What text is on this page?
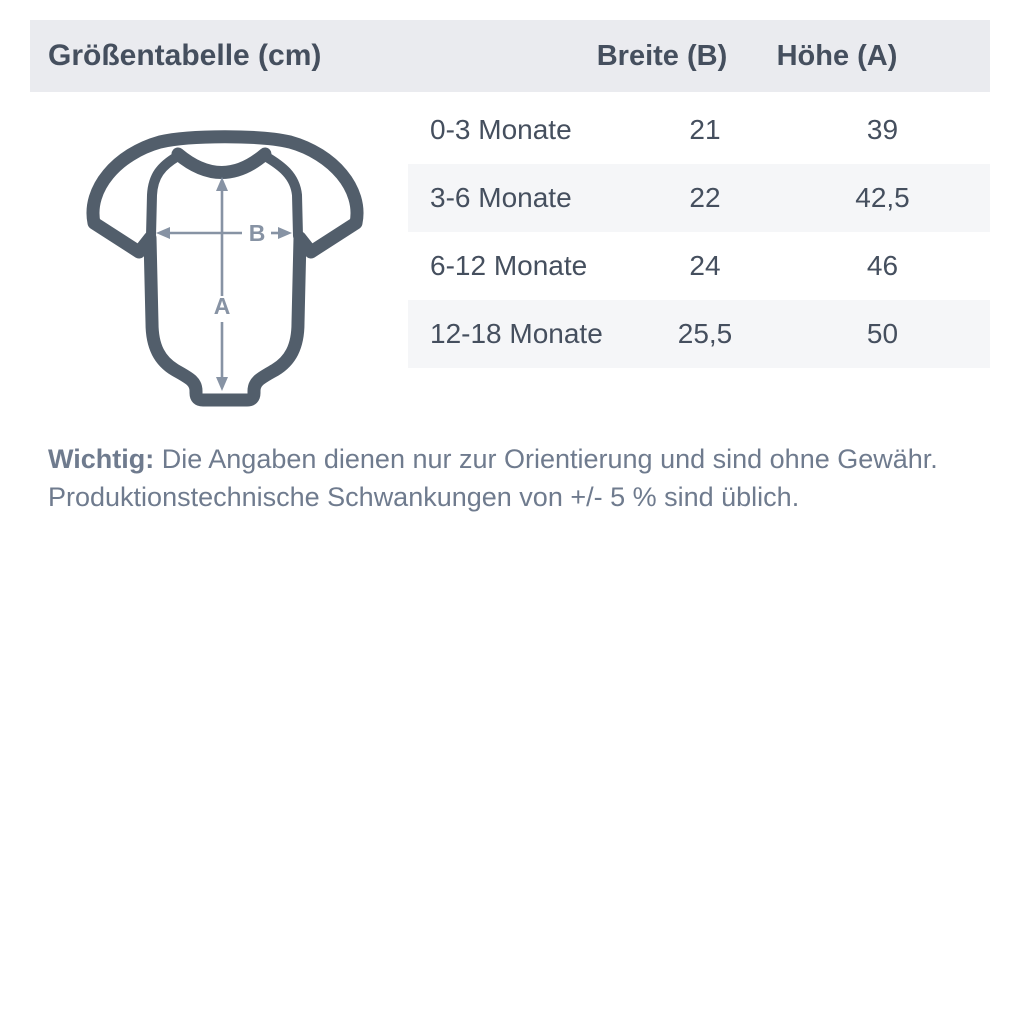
Größentabelle (cm)	Breite (B)	Höhe (A)
0-3 Monate	21	39
3-6 Monate	22	42,5
6-12 Monate	24	46
12-18 Monate	25,5	50
A
B

Wichtig: Die Angaben dienen nur zur Orientierung und sind ohne Gewähr.
Produktionstechnische Schwankungen von +/- 5 % sind üblich.
